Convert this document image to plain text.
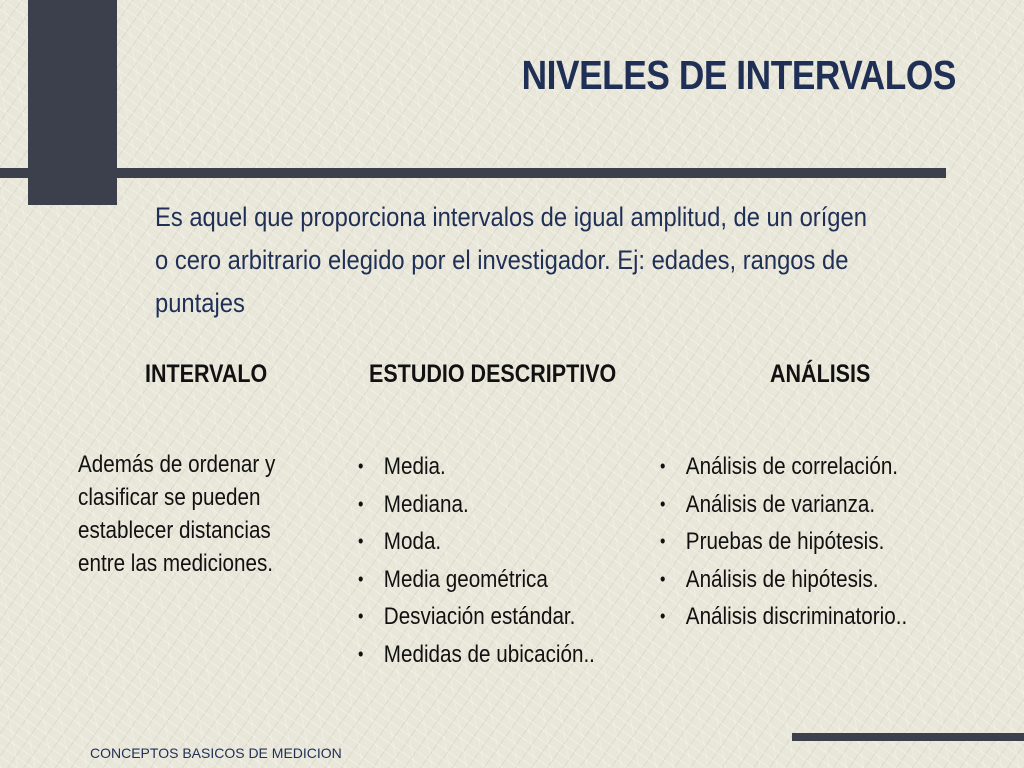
NIVELES DE INTERVALOS
Es aquel que proporciona intervalos de igual amplitud, de un orígen o cero arbitrario elegido por el investigador. Ej: edades, rangos de puntajes
INTERVALO	ESTUDIO DESCRIPTIVO	ANÁLISIS
Además de ordenar y clasificar se pueden establecer distancias entre las mediciones.
• Media.
• Mediana.
• Moda.
• Media geométrica
• Desviación estándar.
• Medidas de ubicación..
• Análisis de correlación.
• Análisis de varianza.
• Pruebas de hipótesis.
• Análisis de hipótesis.
• Análisis discriminatorio..
CONCEPTOS BASICOS DE MEDICION
